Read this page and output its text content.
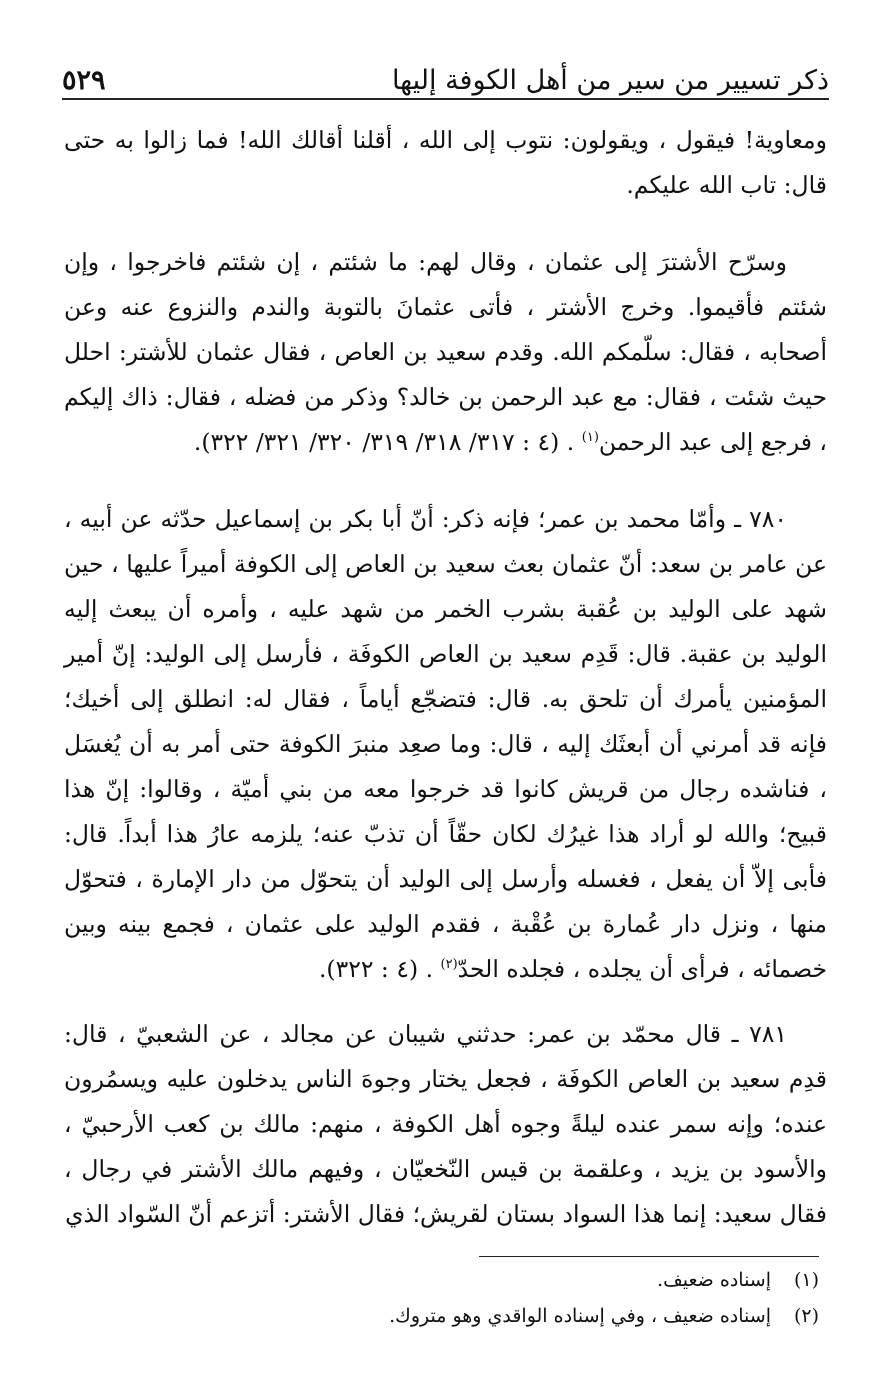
ذكر تسيير من سير من أهل الكوفة إليها
٥٢٩

ومعاوية! فيقول ، ويقولون: نتوب إلى الله ، أقلنا أقالك الله! فما زالوا به حتى قال: تاب الله عليكم.

وسرّح الأشترَ إلى عثمان ، وقال لهم: ما شئتم ، إن شئتم فاخرجوا ، وإن شئتم فأقيموا. وخرج الأشتر ، فأتى عثمانَ بالتوبة والندم والنزوع عنه وعن أصحابه ، فقال: سلّمكم الله. وقدم سعيد بن العاص ، فقال عثمان للأشتر: احلل حيث شئت ، فقال: مع عبد الرحمن بن خالد؟ وذكر من فضله ، فقال: ذاك إليكم ، فرجع إلى عبد الرحمن$^{(١)}$ . (٤ : ٣١٧/ ٣١٨/ ٣١٩/ ٣٢٠/ ٣٢١/ ٣٢٢).

٧٨٠ ـ وأمّا محمد بن عمر؛ فإنه ذكر: أنّ أبا بكر بن إسماعيل حدّثه عن أبيه ، عن عامر بن سعد: أنّ عثمان بعث سعيد بن العاص إلى الكوفة أميراً عليها ، حين شهد على الوليد بن عُقبة بشرب الخمر من شهد عليه ، وأمره أن يبعث إليه الوليد بن عقبة. قال: قَدِم سعيد بن العاص الكوفَة ، فأرسل إلى الوليد: إنّ أمير المؤمنين يأمرك أن تلحق به. قال: فتضجّع أياماً ، فقال له: انطلق إلى أخيك؛ فإنه قد أمرني أن أبعثَك إليه ، قال: وما صعِد منبرَ الكوفة حتى أمر به أن يُغسَل ، فناشده رجال من قريش كانوا قد خرجوا معه من بني أميّة ، وقالوا: إنّ هذا قبيح؛ والله لو أراد هذا غيرُك لكان حقّاً أن تذبّ عنه؛ يلزمه عارُ هذا أبداً. قال: فأبى إلاّ أن يفعل ، فغسله وأرسل إلى الوليد أن يتحوّل من دار الإمارة ، فتحوّل منها ، ونزل دار عُمارة بن عُقْبة ، فقدم الوليد على عثمان ، فجمع بينه وبين خصمائه ، فرأى أن يجلده ، فجلده الحدّ$^{(٢)}$ . (٤ : ٣٢٢).

٧٨١ ـ قال محمّد بن عمر: حدثني شيبان عن مجالد ، عن الشعبيّ ، قال: قدِم سعيد بن العاص الكوفَة ، فجعل يختار وجوهَ الناس يدخلون عليه ويسمُرون عنده؛ وإنه سمر عنده ليلةً وجوه أهل الكوفة ، منهم: مالك بن كعب الأرحبيّ ، والأسود بن يزيد ، وعلقمة بن قيس النّخعيّان ، وفيهم مالك الأشتر في رجال ، فقال سعيد: إنما هذا السواد بستان لقريش؛ فقال الأشتر: أتزعم أنّ السّواد الذي

(١)
إسناده ضعيف.
(٢)
إسناده ضعيف ، وفي إسناده الواقدي وهو متروك.
